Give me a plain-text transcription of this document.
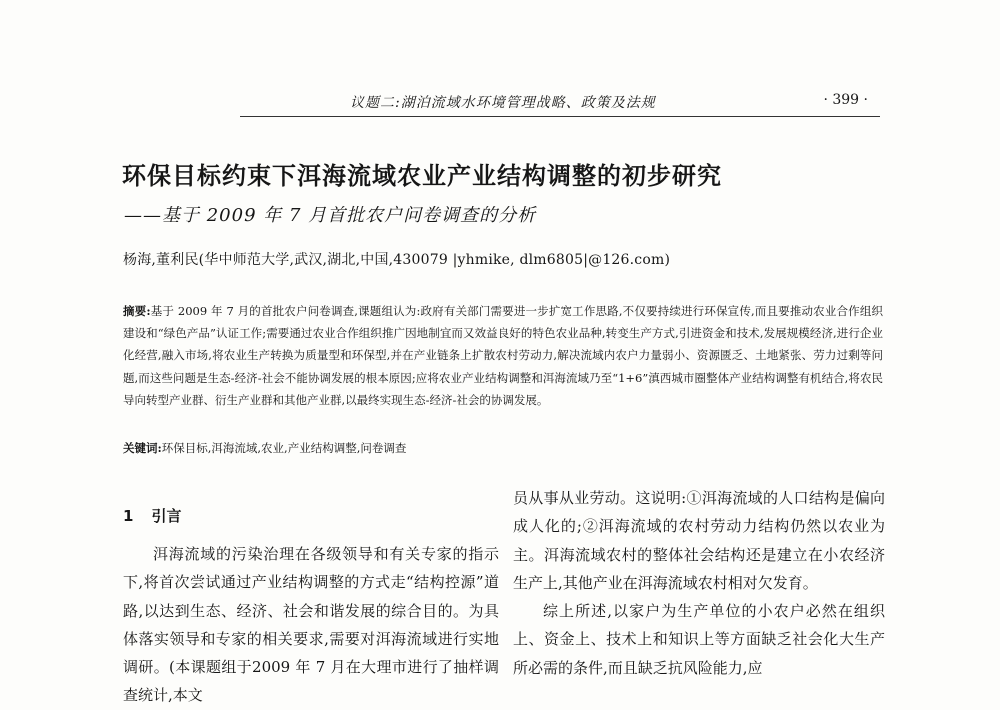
议题二:湖泊流域水环境管理战略、政策及法规	· 399 ·
环保目标约束下洱海流域农业产业结构调整的初步研究
——基于 2009 年 7 月首批农户问卷调查的分析
杨海,董利民(华中师范大学,武汉,湖北,中国,430079 |yhmike, dlm6805|@126.com)
摘要:基于 2009 年 7 月的首批农户问卷调查,课题组认为:政府有关部门需要进一步扩宽工作思路,不仅要持续进行环保宣传,而且要推动农业合作组织建设和“绿色产品”认证工作;需要通过农业合作组织推广因地制宜而又效益良好的特色农业品种,转变生产方式,引进资金和技术,发展规模经济,进行企业化经营,融入市场,将农业生产转换为质量型和环保型,并在产业链条上扩散农村劳动力,解决流域内农户力量弱小、资源匮乏、土地紧张、劳力过剩等问题,而这些问题是生态-经济-社会不能协调发展的根本原因;应将农业产业结构调整和洱海流域乃至“1+6”滇西城市圈整体产业结构调整有机结合,将农民导向转型产业群、衍生产业群和其他产业群,以最终实现生态-经济-社会的协调发展。
关键词:环保目标,洱海流域,农业,产业结构调整,问卷调查
1 引言

洱海流域的污染治理在各级领导和有关专家的指示下,将首次尝试通过产业结构调整的方式走“结构控源”道路,以达到生态、经济、社会和谐发展的综合目的。为具体落实领导和专家的相关要求,需要对洱海流域进行实地调研。(本课题组于2009 年 7 月在大理市进行了抽样调查统计,本文

员从事从业劳动。这说明:①洱海流域的人口结构是偏向成人化的;②洱海流域的农村劳动力结构仍然以农业为主。洱海流域农村的整体社会结构还是建立在小农经济生产上,其他产业在洱海流域农村相对欠发育。

综上所述,以家户为生产单位的小农户必然在组织上、资金上、技术上和知识上等方面缺乏社会化大生产所必需的条件,而且缺乏抗风险能力,应
